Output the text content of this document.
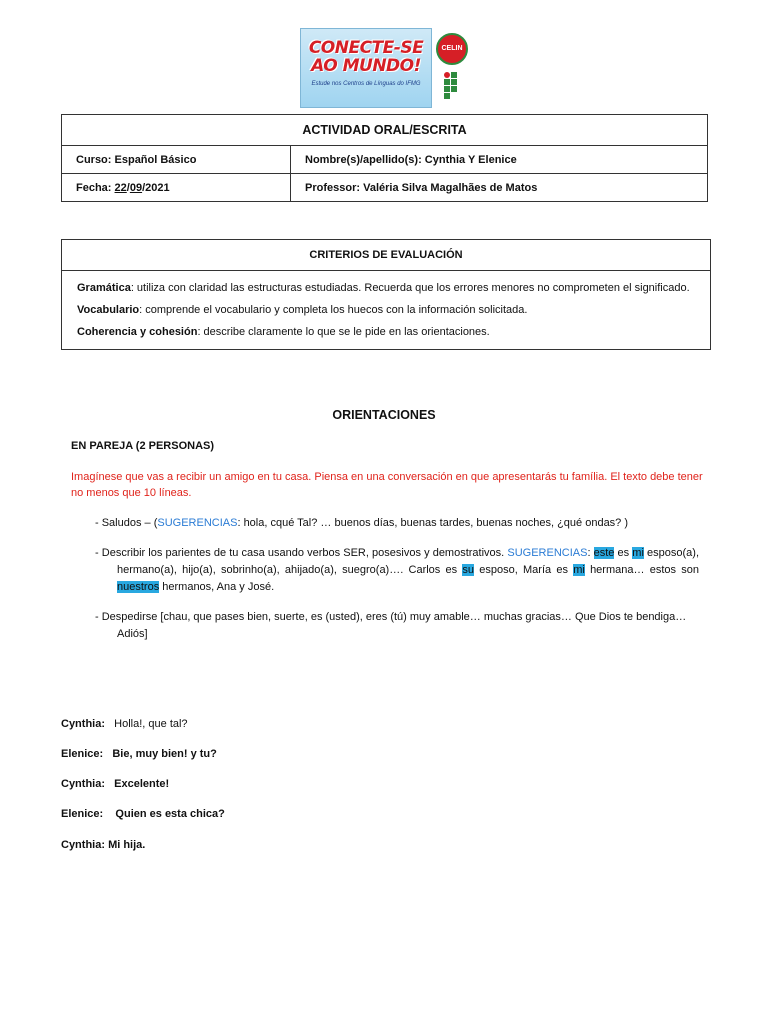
CONECTE-SE AO MUNDO!
Estude nos Centros de Línguas do IFMG
CELIN
ACTIVIDAD ORAL/ESCRITA	
Curso: Español Básico	Nombre(s)/apellido(s): Cynthia Y Elenice
Fecha: 22/09/2021	Professor: Valéria Silva Magalhães de Matos
CRITERIOS DE EVALUACIÓN

Gramática: utiliza con claridad las estructuras estudiadas. Recuerda que los errores menores no comprometen el significado.
Vocabulario: comprende el vocabulario y completa los huecos con la información solicitada.
Coherencia y cohesión: describe claramente lo que se le pide en las orientaciones.
ORIENTACIONES
EN PAREJA (2 PERSONAS)
Imagínese que vas a recibir un amigo en tu casa. Piensa en una conversación en que apresentarás tu família. El texto debe tener no menos que 10 líneas.
- Saludos – (SUGERENCIAS: hola, cqué Tal? … buenos días, buenas tardes, buenas noches, ¿qué ondas? )
- Describir los parientes de tu casa usando verbos SER, posesivos y demostrativos. SUGERENCIAS: este es mi esposo(a), hermano(a), hijo(a), sobrinho(a), ahijado(a), suegro(a)…. Carlos es su esposo, María es mi hermana… estos son nuestros hermanos, Ana y José.
- Despedirse [chau, que pases bien, suerte, es (usted), eres (tú) muy amable… muchas gracias… Que Dios te bendiga… Adiós]
Cynthia: Holla!, que tal?
Elenice: Bie, muy bien! y tu?
Cynthia: Excelente!
Elenice: Quien es esta chica?
Cynthia: Mi hija.
